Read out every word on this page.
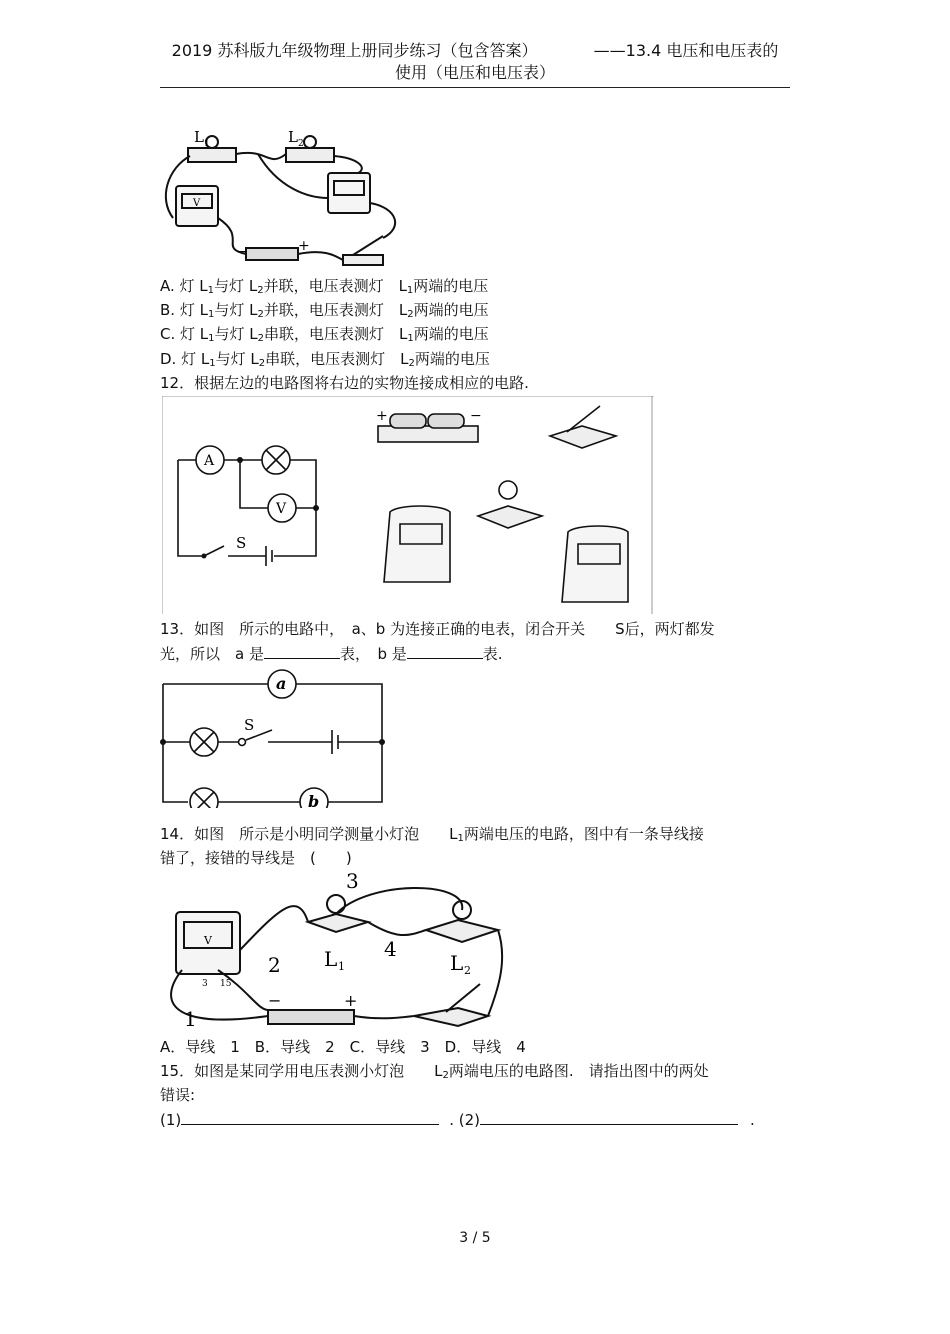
2019 苏科版九年级物理上册同步练习（包含答案）	——13.4 电压和电压表的
使用（电压和电压表）
L 1	L 2
V
−	+
A. 灯 $L_1$与灯 $L_2$并联，电压表测灯　$L_1$两端的电压
B. 灯 $L_1$与灯 $L_2$并联，电压表测灯　$L_2$两端的电压
C. 灯 $L_1$与灯 $L_2$串联，电压表测灯　$L_1$两端的电压
D. 灯 $L_1$与灯 $L_2$串联，电压表测灯　$L_2$两端的电压
12．根据左边的电路图将右边的实物连接成相应的电路.
A
V
S
+	−
13．如图　所示的电路中，　a、b 为连接正确的电表，闭合开关　　S后，两灯都发
光，所以　a 是	表，　b 是	表.
a
b
S
14．如图　所示是小明同学测量小灯泡　　$L_1$两端电压的电路，图中有一条导线接
错了，接错的导线是　(　　)
3
4
2
1
L 1	L 2
V
3 15
−	+
A．导线　1　B．导线　2　C．导线　3　D．导线　4
15．如图是某同学用电压表测小灯泡　　$L_2$两端电压的电路图.　请指出图中的两处
错误:
(1)	. (2)	.
3 / 5
